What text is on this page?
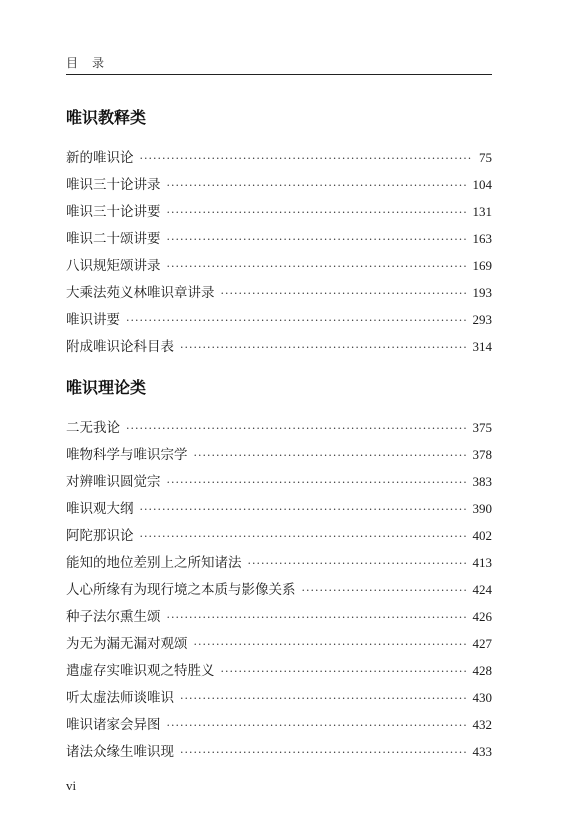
目录
唯识教释类
新的唯识论 ·····	75
唯识三十论讲录 ·····	104
唯识三十论讲要 ·····	131
唯识二十颂讲要 ·····	163
八识规矩颂讲录 ·····	169
大乘法苑义林唯识章讲录 ·····	193
唯识讲要 ·····	293
附成唯识论科目表 ·····	314
唯识理论类
二无我论 ·····	375
唯物科学与唯识宗学 ·····	378
对辨唯识圆觉宗 ·····	383
唯识观大纲 ·····	390
阿陀那识论 ·····	402
能知的地位差别上之所知诸法 ·····	413
人心所缘有为现行境之本质与影像关系 ·····	424
种子法尔熏生颂 ·····	426
为无为漏无漏对观颂 ·····	427
遣虚存实唯识观之特胜义 ·····	428
听太虚法师谈唯识 ·····	430
唯识诸家会异图 ·····	432
诸法众缘生唯识现 ·····	433
vi
